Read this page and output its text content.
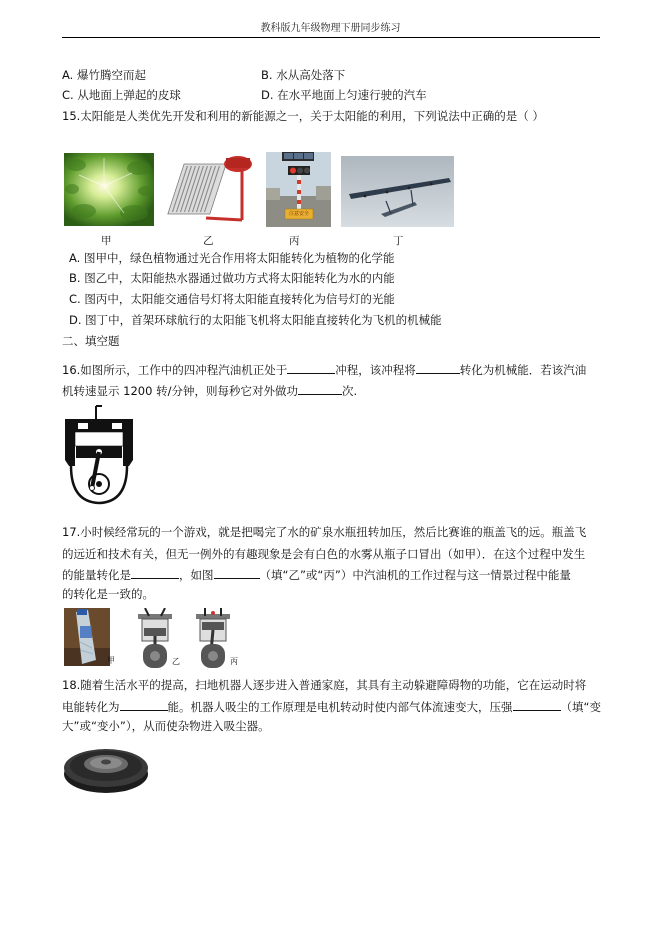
教科版九年级物理下册同步练习
A. 爆竹腾空而起	B. 水从高处落下
C. 从地面上弹起的皮球	D. 在水平地面上匀速行驶的汽车
15.太阳能是人类优先开发和利用的新能源之一，关于太阳能的利用，下列说法中正确的是（ ）
注意安全
甲	乙	丙	丁
A. 图甲中，绿色植物通过光合作用将太阳能转化为植物的化学能
B. 图乙中，太阳能热水器通过做功方式将太阳能转化为水的内能
C. 图丙中，太阳能交通信号灯将太阳能直接转化为信号灯的光能
D. 图丁中，首架环球航行的太阳能飞机将太阳能直接转化为飞机的机械能
二、填空题
16.如图所示，工作中的四冲程汽油机正处于	冲程，该冲程将	转化为机械能．若该汽油
机转速显示 1200 转/分钟，则每秒它对外做功	次.
17.小时候经常玩的一个游戏，就是把喝完了水的矿泉水瓶扭转加压，然后比赛谁的瓶盖飞的远。瓶盖飞
的远近和技术有关，但无一例外的有趣现象是会有白色的水雾从瓶子口冒出（如甲）．在这个过程中发生
的能量转化是	，如图	（填“乙”或“丙”）中汽油机的工作过程与这一情景过程中能量
的转化是一致的。
甲	乙	丙
18.随着生活水平的提高，扫地机器人逐步进入普通家庭，其具有主动躲避障碍物的功能，它在运动时将
电能转化为	能。机器人吸尘的工作原理是电机转动时使内部气体流速变大，压强	（填“变
大”或“变小”），从而使杂物进入吸尘器。
